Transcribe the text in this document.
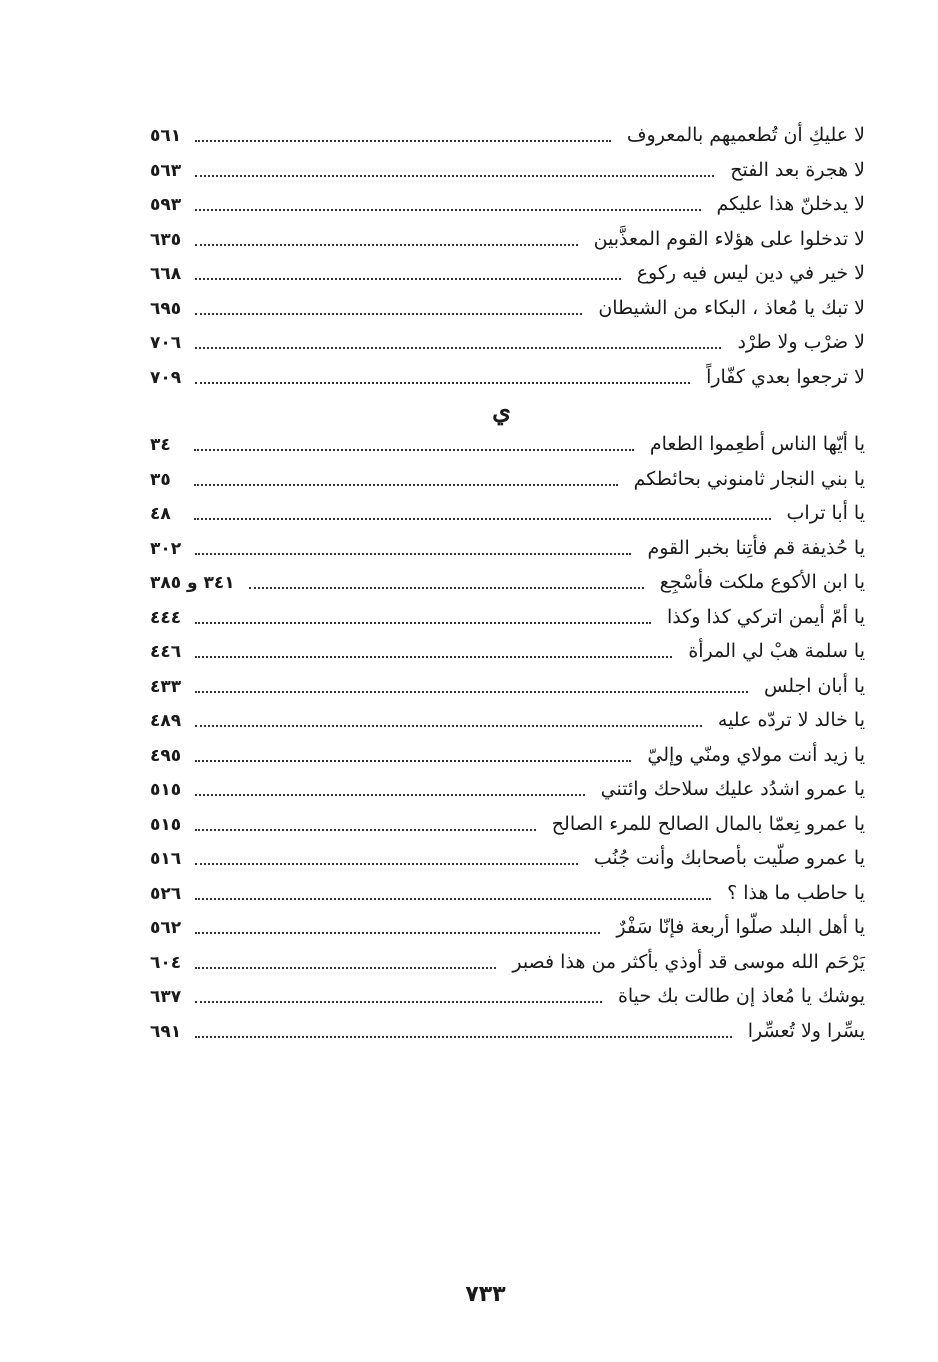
لا عليكِ أن تُطعميهم بالمعروف
٥٦١
لا هجرة بعد الفتح
٥٦٣
لا يدخلنّ هذا عليكم
٥٩٣
لا تدخلوا على هؤلاء القوم المعذَّبين
٦٣٥
لا خير في دين ليس فيه ركوع
٦٦٨
لا تبك يا مُعاذ ، البكاء من الشيطان
٦٩٥
لا ضرْب ولا طرْد
٧٠٦
لا ترجعوا بعدي كفّاراً
٧٠٩
ي
يا أيّها الناس أطعِموا الطعام
٣٤
يا بني النجار ثامنوني بحائطكم
٣٥
يا أبا تراب
٤٨
يا حُذيفة قم فأتِنا بخبر القوم
٣٠٢
يا ابن الأكوع ملكت فأسْجِع
٣٤١ و ٣٨٥
يا أمّ أيمن اتركي كذا وكذا
٤٤٤
يا سلمة هبْ لي المرأة
٤٤٦
يا أبان اجلس
٤٣٣
يا خالد لا تردّه عليه
٤٨٩
يا زيد أنت مولاي ومنّي وإليّ
٤٩٥
يا عمرو اشدُد عليك سلاحك وائتني
٥١٥
يا عمرو نِعمّا بالمال الصالح للمرء الصالح
٥١٥
يا عمرو صلّيت بأصحابك وأنت جُنُب
٥١٦
يا حاطب ما هذا ؟
٥٢٦
يا أهل البلد صلّوا أربعة فإنّا سَفْرٌ
٥٦٢
يَرْحَم الله موسى قد أوذي بأكثر من هذا فصبر
٦٠٤
يوشك يا مُعاذ إن طالت بك حياة
٦٣٧
يسِّرا ولا تُعسِّرا
٦٩١
٧٣٣
